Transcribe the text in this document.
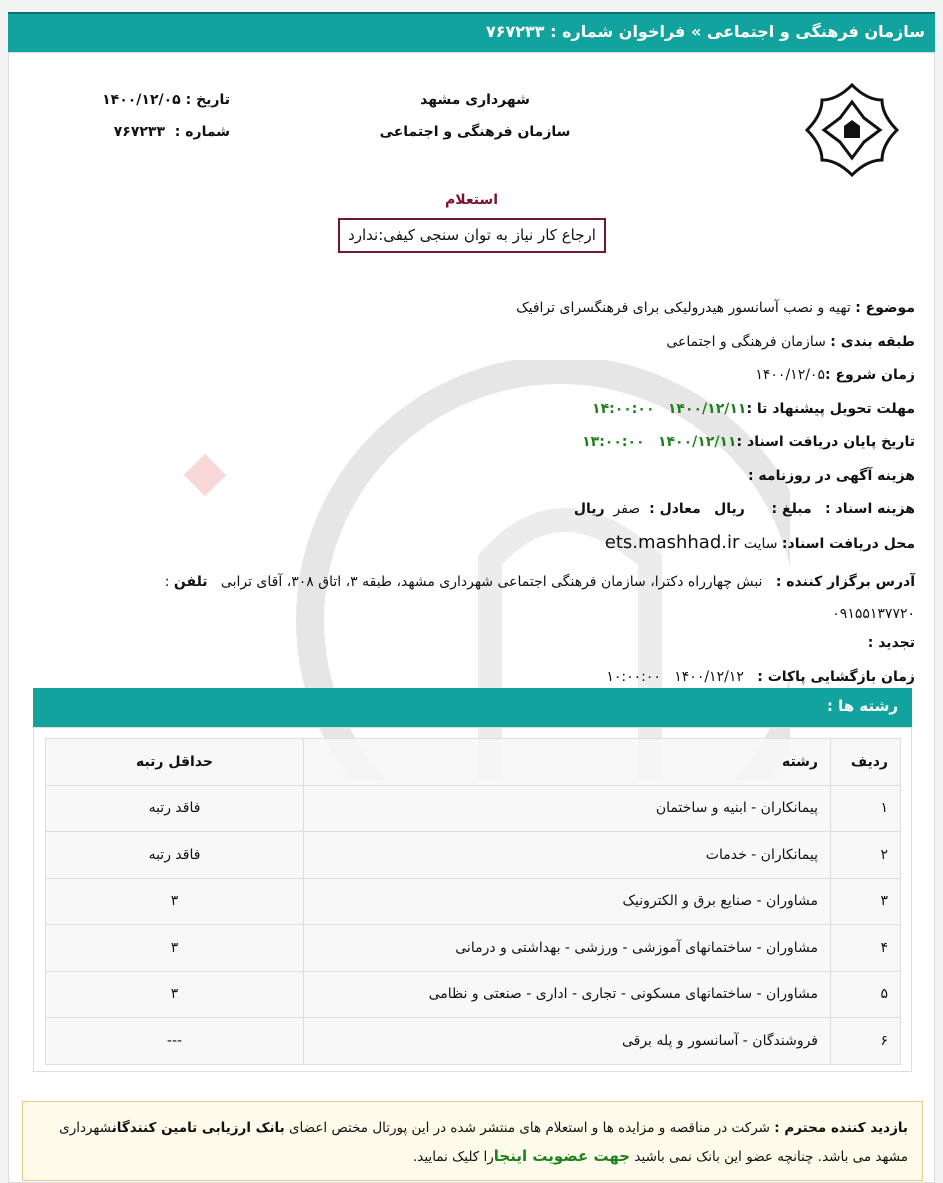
سازمان فرهنگی و اجتماعی » فراخوان شماره : ۷۶۷۲۳۳
شهرداری مشهد
سازمان فرهنگی و اجتماعی
تاریخ : ۱۴۰۰/۱۲/۰۵
شماره :  ۷۶۷۲۳۳
استعلام
ارجاع کار نیاز به توان سنجی کیفی:ندارد
موضوع : تهیه و نصب آسانسور هیدرولیکی برای فرهنگسرای ترافیک
طبقه بندی : سازمان فرهنگی و اجتماعی
زمان شروع :۱۴۰۰/۱۲/۰۵
مهلت تحویل پیشنهاد تا :۱۴۰۰/۱۲/۱۱   ۱۴:۰۰:۰۰
تاریخ پایان دریافت اسناد :۱۴۰۰/۱۲/۱۱   ۱۳:۰۰:۰۰
هزینه آگهی در روزنامه :
هزینه اسناد :   مبلغ :      ریال   معادل :  صفر  ریال
محل دریافت اسناد: سایت ets.mashhad.ir
آدرس برگزار کننده :   نبش چهارراه دکترا، سازمان فرهنگی اجتماعی شهرداری مشهد، طبقه ۳، اتاق ۳۰۸، آقای ترابی   تلفن : ۰۹۱۵۵۱۳۷۷۲۰
تجدید :
زمان بازگشایی پاکات :   ۱۴۰۰/۱۲/۱۲   ۱۰:۰۰:۰۰
رشته ها :
ردیف	رشته	حداقل رتبه
۱	پیمانکاران - ابنیه و ساختمان	فاقد رتبه
۲	پیمانکاران - خدمات	فاقد رتبه
۳	مشاوران - صنایع برق و الکترونیک	۳
۴	مشاوران - ساختمانهای آموزشی - ورزشی - بهداشتی و درمانی	۳
۵	مشاوران - ساختمانهای مسکونی - تجاری - اداری - صنعتی و نظامی	۳
۶	فروشندگان - آسانسور و پله برقی	---
بازدید کننده محترم : شرکت در مناقصه و مزایده ها و استعلام های منتشر شده در این پورتال مختص اعضای بانک ارزیابی تامین کنندگانشهرداری مشهد می باشد. چنانچه عضو این بانک نمی باشید جهت عضویت اینجارا کلیک نمایید.
